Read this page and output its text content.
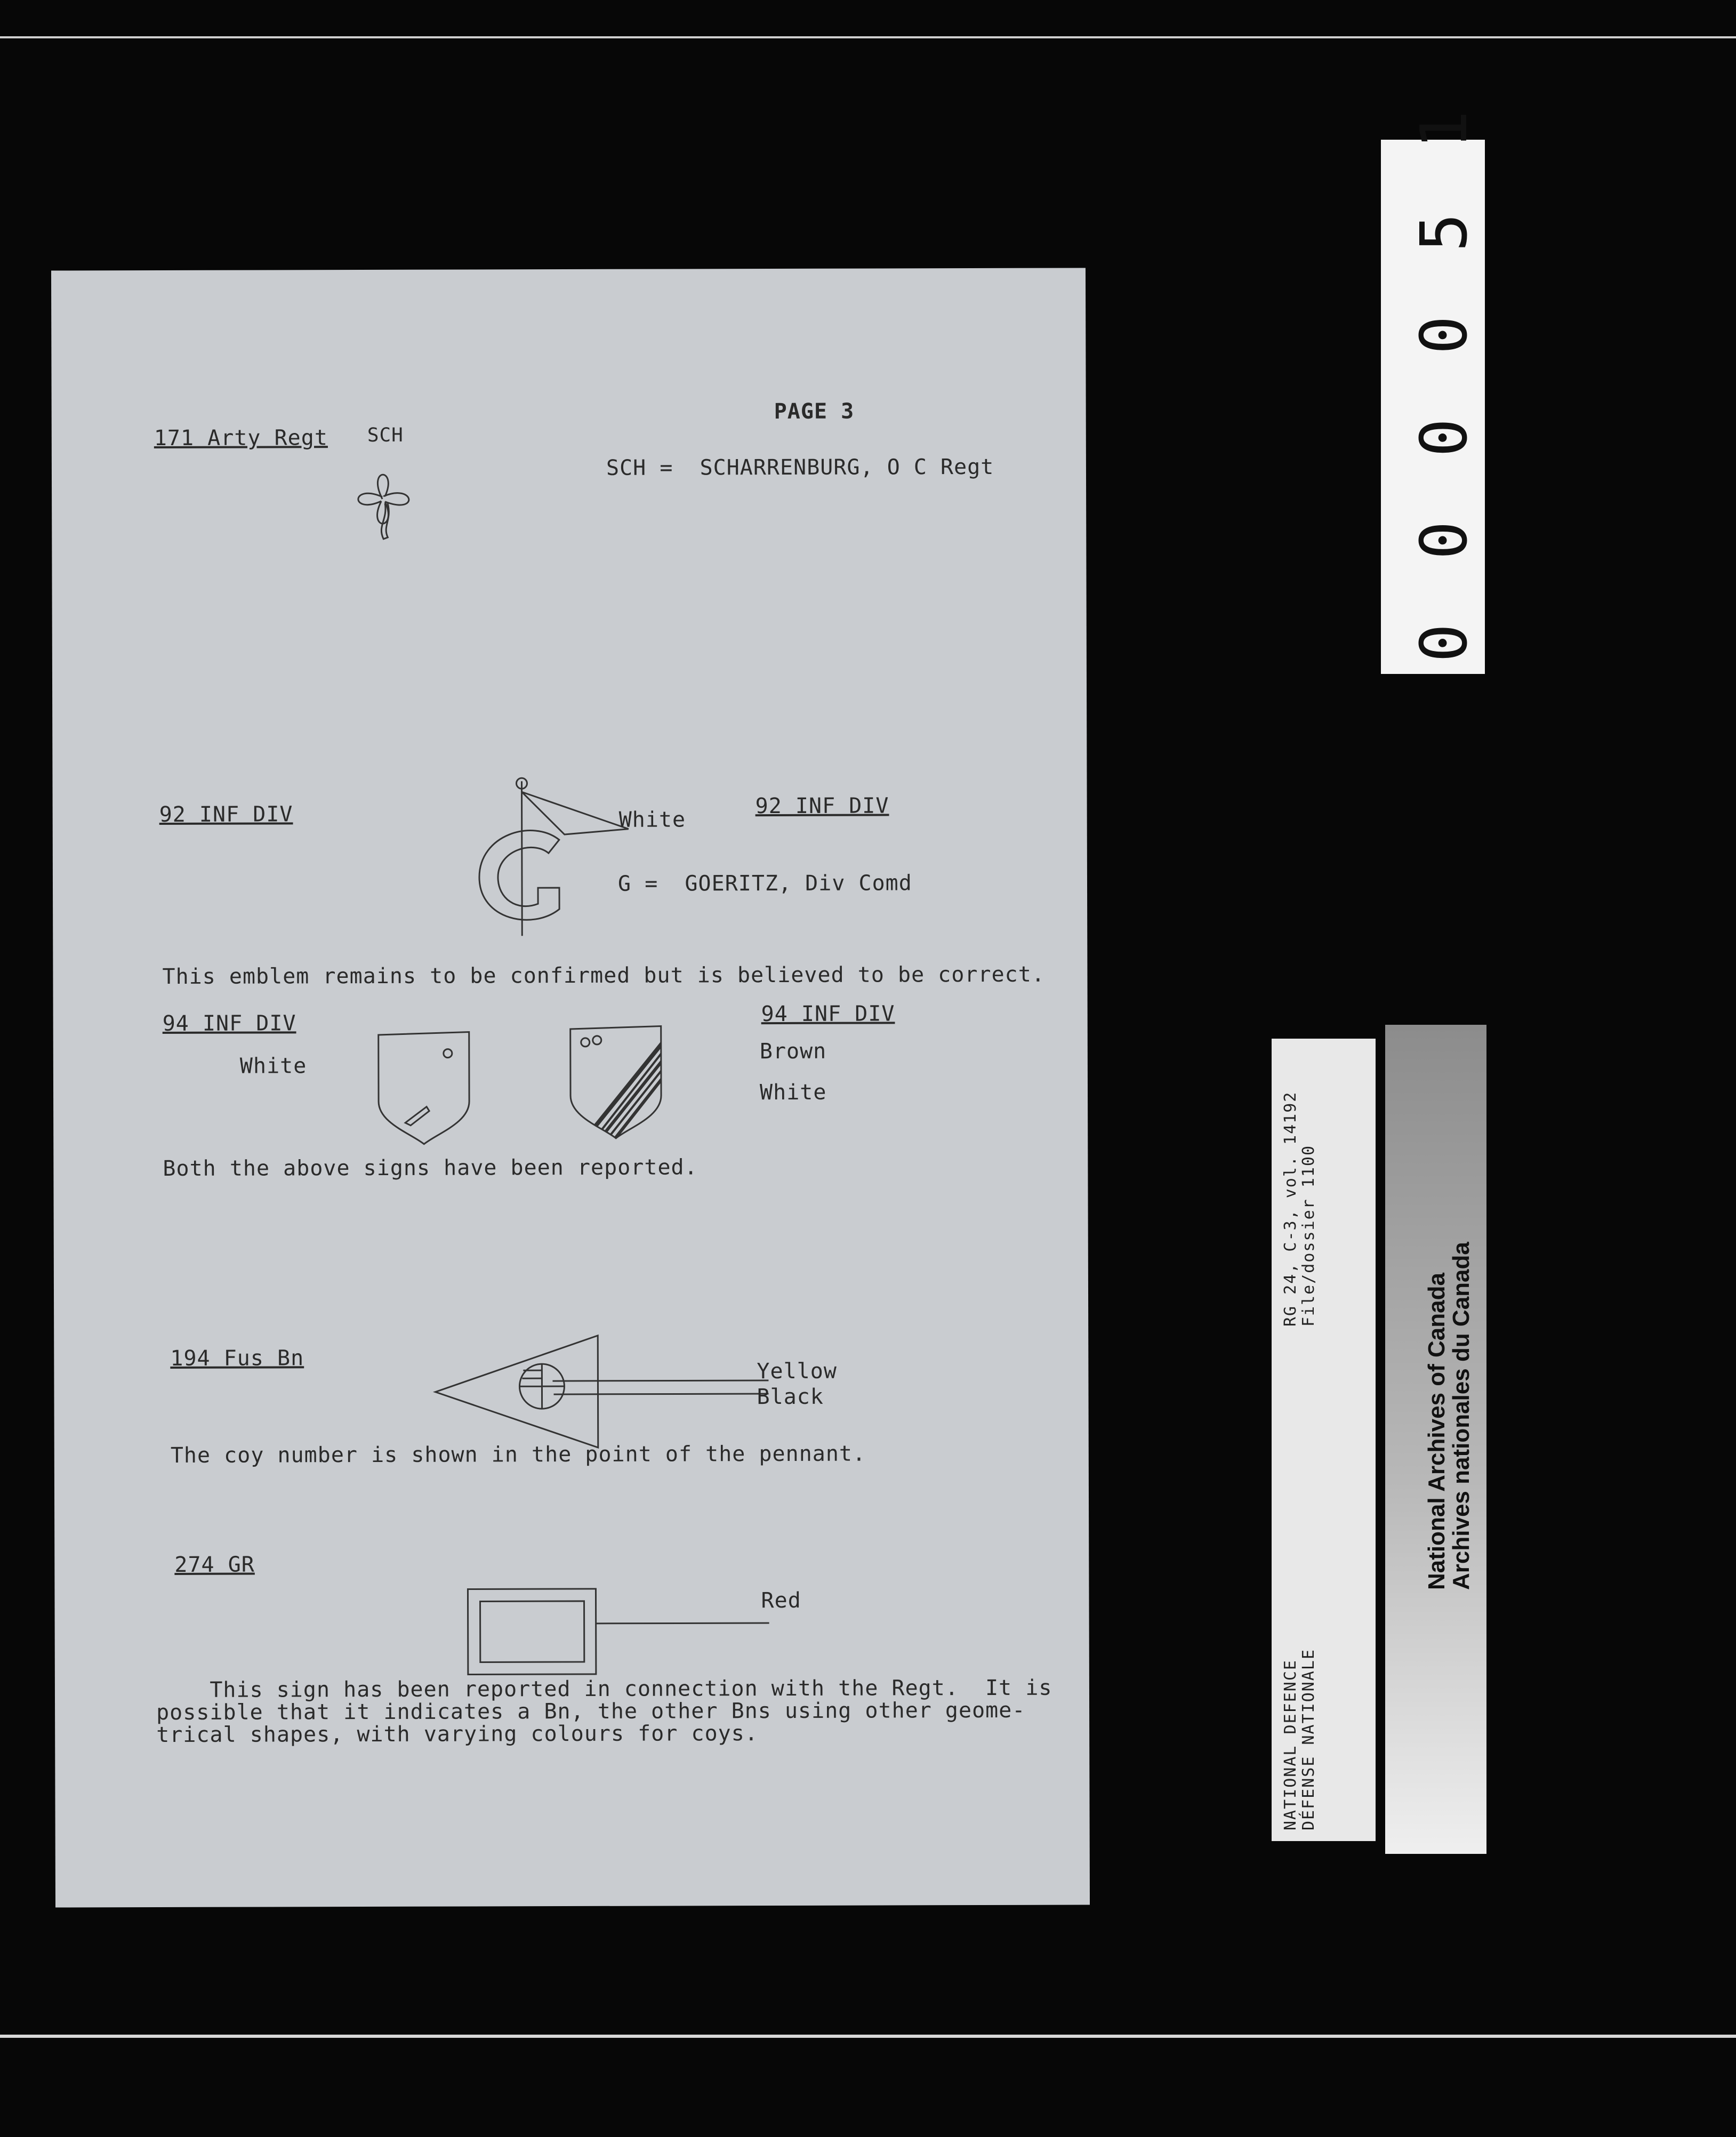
PAGE 3
171 Arty Regt SCH
SCH =  SCHARRENBURG, O C Regt
92 INF DIV	92 INF DIV
White
G =  GOERITZ, Div Comd
This emblem remains to be confirmed but is believed to be correct.
94 INF DIV	94 INF DIV
White
Brown
White
Both the above signs have been reported.
194 Fus Bn
Yellow
Black
The coy number is shown in the point of the pennant.
274 GR
Red
This sign has been reported in connection with the Regt.  It is
possible that it indicates a Bn, the other Bns using other geome-
trical shapes, with varying colours for coys.
0 0 0 0 5 1
NATIONAL DEFENCE DÉFENSE NATIONALE
RG 24, C-3, vol. 14192 File/dossier 1100
National Archives of Canada
Archives nationales du Canada
